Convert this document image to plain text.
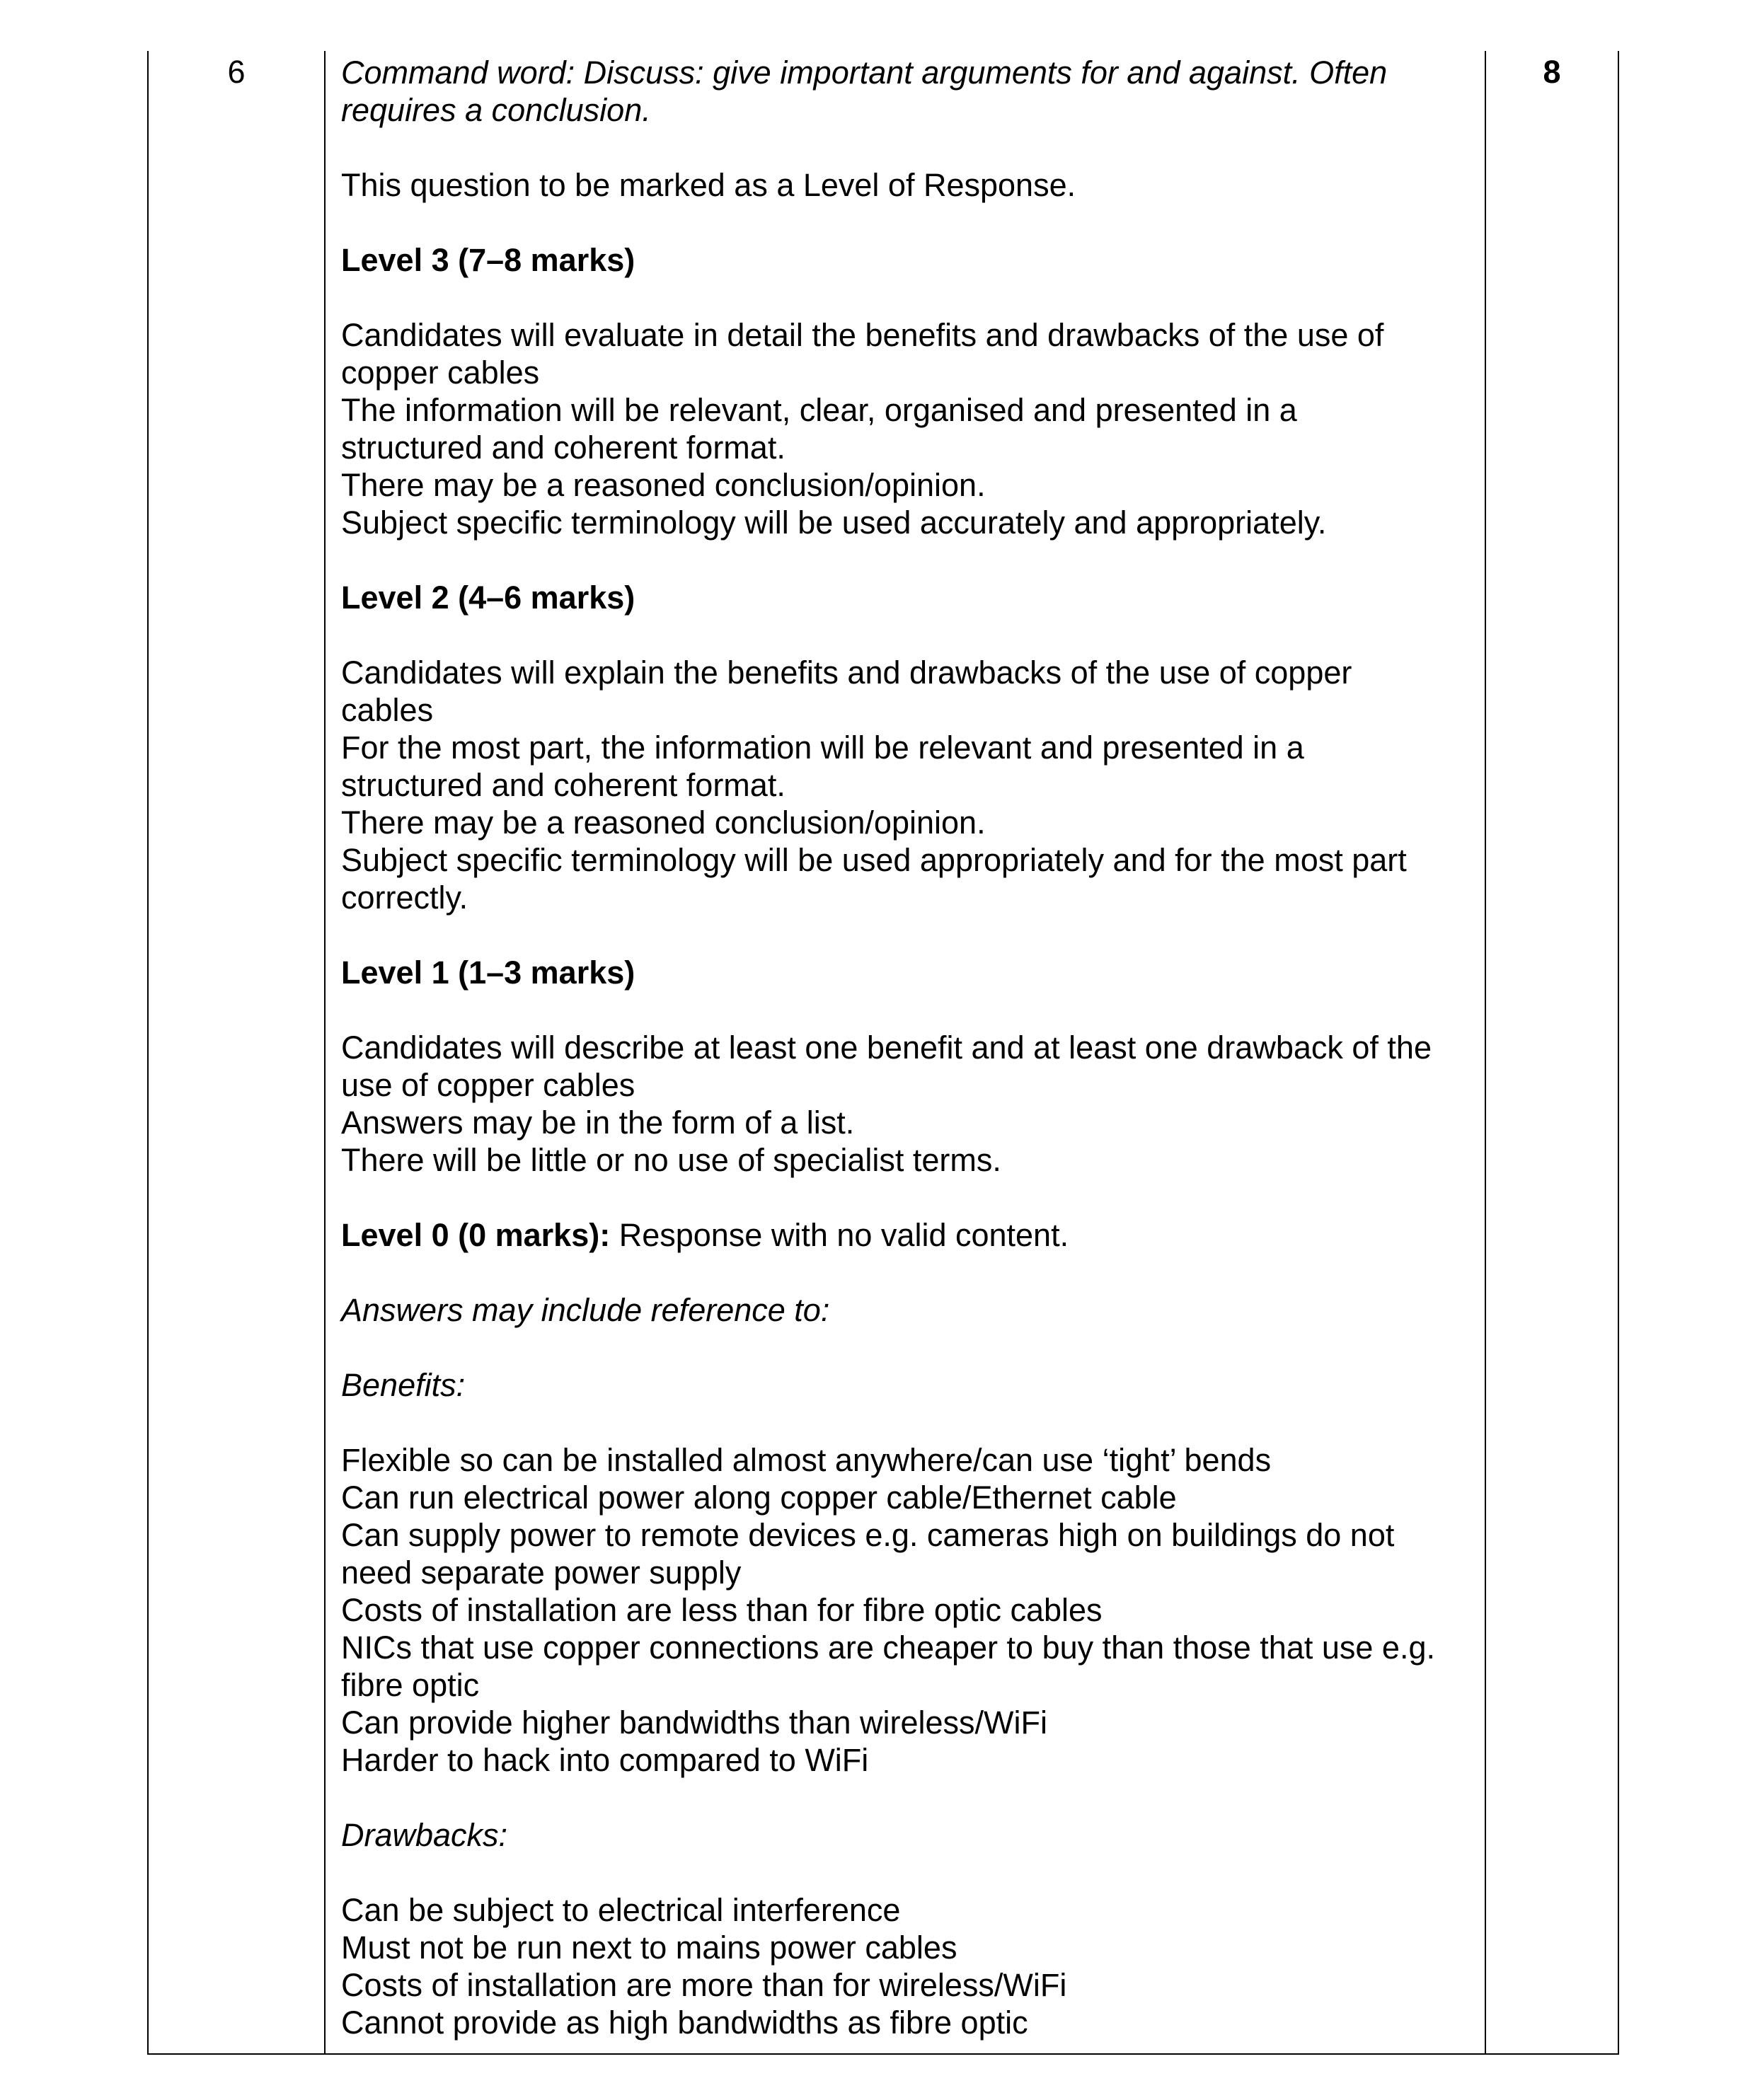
6	Command word: Discuss: give important arguments for and against. Often

requires a conclusion.

This question to be marked as a Level of Response.

Level 3 (7–8 marks)

Candidates will evaluate in detail the benefits and drawbacks of the use of

copper cables

The information will be relevant, clear, organised and presented in a

structured and coherent format.

There may be a reasoned conclusion/opinion.

Subject specific terminology will be used accurately and appropriately.

Level 2 (4–6 marks)

Candidates will explain the benefits and drawbacks of the use of copper

cables

For the most part, the information will be relevant and presented in a

structured and coherent format.

There may be a reasoned conclusion/opinion.

Subject specific terminology will be used appropriately and for the most part

correctly.

Level 1 (1–3 marks)

Candidates will describe at least one benefit and at least one drawback of the

use of copper cables

Answers may be in the form of a list.

There will be little or no use of specialist terms.

Level 0 (0 marks): Response with no valid content.

Answers may include reference to:

Benefits:

Flexible so can be installed almost anywhere/can use ‘tight’ bends

Can run electrical power along copper cable/Ethernet cable

Can supply power to remote devices e.g. cameras high on buildings do not

need separate power supply

Costs of installation are less than for fibre optic cables

NICs that use copper connections are cheaper to buy than those that use e.g.

fibre optic

Can provide higher bandwidths than wireless/WiFi

Harder to hack into compared to WiFi

Drawbacks:

Can be subject to electrical interference

Must not be run next to mains power cables

Costs of installation are more than for wireless/WiFi

Cannot provide as high bandwidths as fibre optic

8
